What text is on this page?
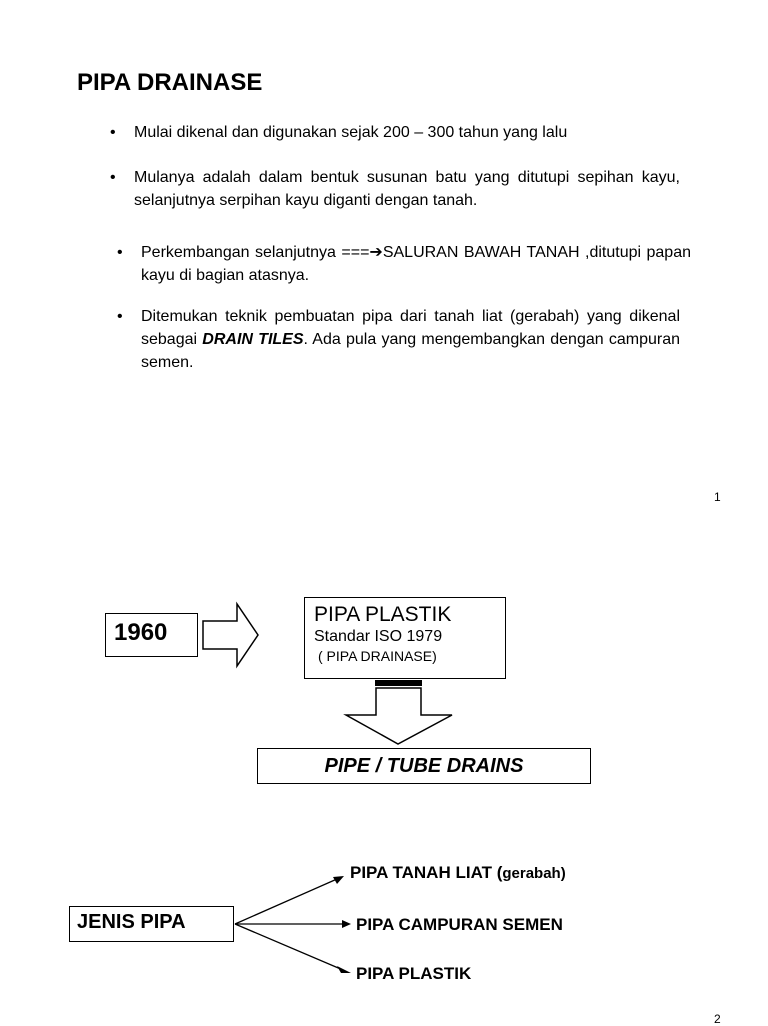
PIPA DRAINASE
• Mulai dikenal dan digunakan sejak 200 – 300 tahun yang lalu
• Mulanya adalah dalam bentuk susunan batu yang ditutupi sepihan kayu, selanjutnya serpihan kayu diganti dengan tanah.
• Perkembangan selanjutnya ===➔SALURAN BAWAH TANAH ,ditutupi papan kayu di bagian atasnya.
• Ditemukan teknik pembuatan pipa dari tanah liat (gerabah) yang dikenal sebagai DRAIN TILES. Ada pula yang mengembangkan dengan campuran semen.
1
1960
PIPA PLASTIK
Standar ISO 1979
( PIPA DRAINASE)
PIPE / TUBE DRAINS
JENIS PIPA
PIPA TANAH LIAT (gerabah)
PIPA CAMPURAN SEMEN
PIPA PLASTIK
2
